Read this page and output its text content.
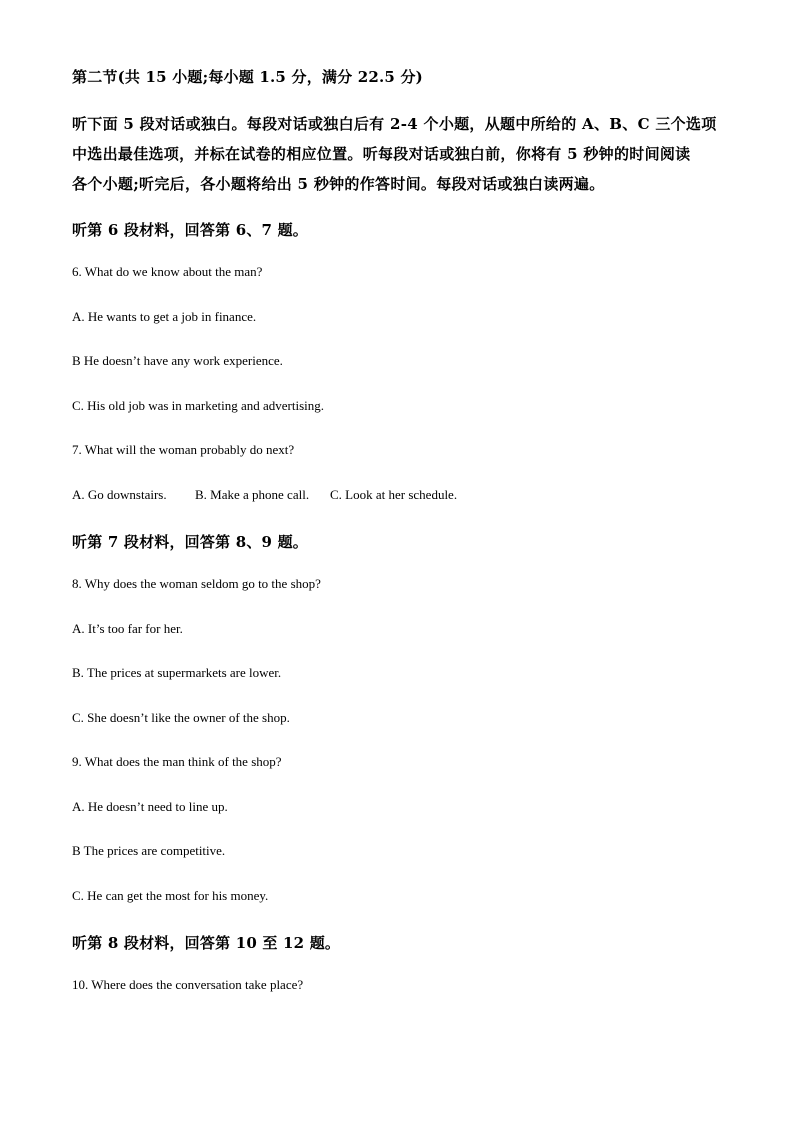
第二节(共 15 小题;每小题 1.5 分，满分 22.5 分)
听下面 5 段对话或独白。每段对话或独白后有 2-4 个小题，从题中所给的 A、B、C 三个选项
中选出最佳选项，并标在试卷的相应位置。听每段对话或独白前，你将有 5 秒钟的时间阅读
各个小题;听完后，各小题将给出 5 秒钟的作答时间。每段对话或独白读两遍。
听第 6 段材料，回答第 6、7 题。
6. What do we know about the man?
A. He wants to get a job in finance.
B He doesn’t have any work experience.
C. His old job was in marketing and advertising.
7. What will the woman probably do next?
A. Go downstairs. B. Make a phone call. C. Look at her schedule.
听第 7 段材料，回答第 8、9 题。
8. Why does the woman seldom go to the shop?
A. It’s too far for her.
B. The prices at supermarkets are lower.
C. She doesn’t like the owner of the shop.
9. What does the man think of the shop?
A. He doesn’t need to line up.
B The prices are competitive.
C. He can get the most for his money.
听第 8 段材料，回答第 10 至 12 题。
10. Where does the conversation take place?
